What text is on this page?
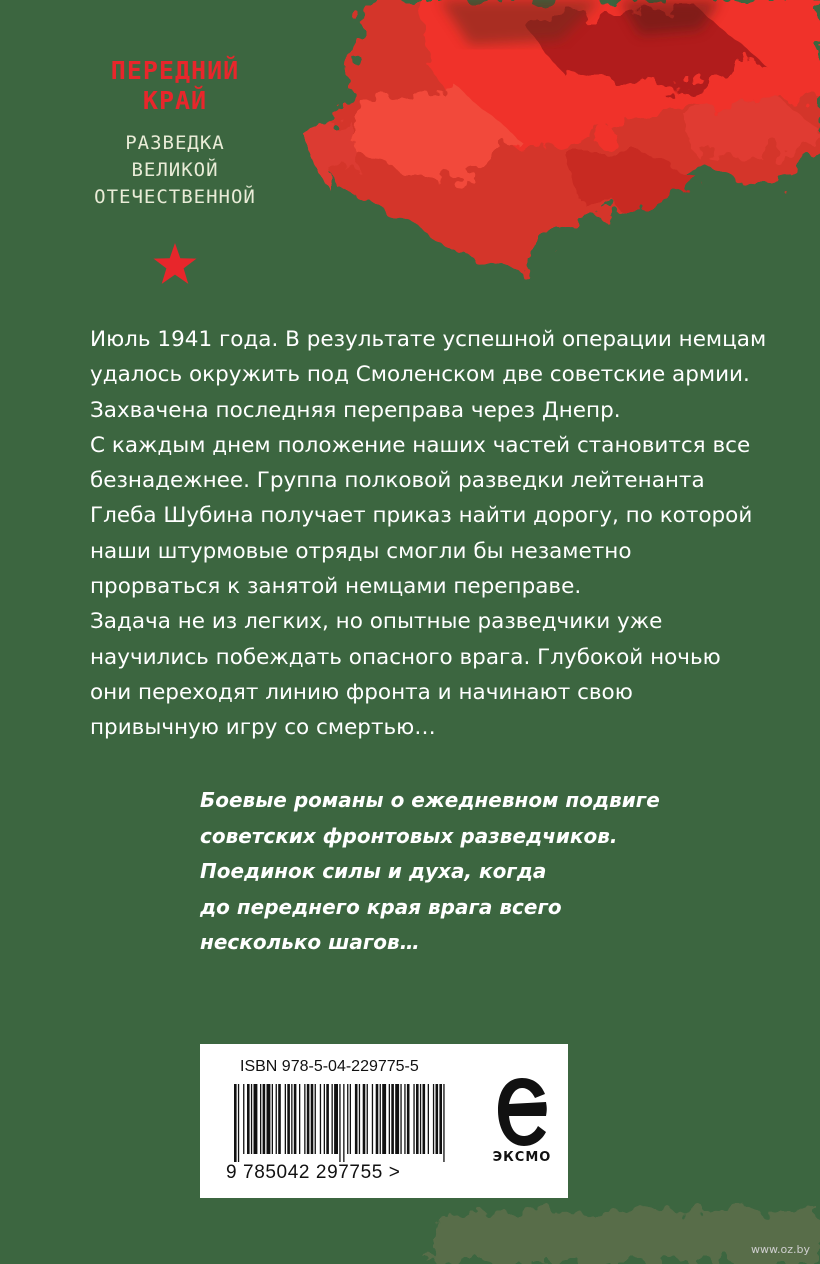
ПЕРЕДНИЙ
КРАЙ
РАЗВЕДКА
ВЕЛИКОЙ
ОТЕЧЕСТВЕННОЙ
Июль 1941 года. В результате успешной операции немцам
удалось окружить под Смоленском две советские армии.
Захвачена последняя переправа через Днепр.
С каждым днем положение наших частей становится все
безнадежнее. Группа полковой разведки лейтенанта
Глеба Шубина получает приказ найти дорогу, по которой
наши штурмовые отряды смогли бы незаметно
прорваться к занятой немцами переправе.
Задача не из легких, но опытные разведчики уже
научились побеждать опасного врага. Глубокой ночью
они переходят линию фронта и начинают свою
привычную игру со смертью…
Боевые романы о ежедневном подвиге
советских фронтовых разведчиков.
Поединок силы и духа, когда
до переднего края врага всего
несколько шагов…
ISBN 978-5-04-229775-5
9 785042 297755 >
ЭКСМО
www.oz.by
